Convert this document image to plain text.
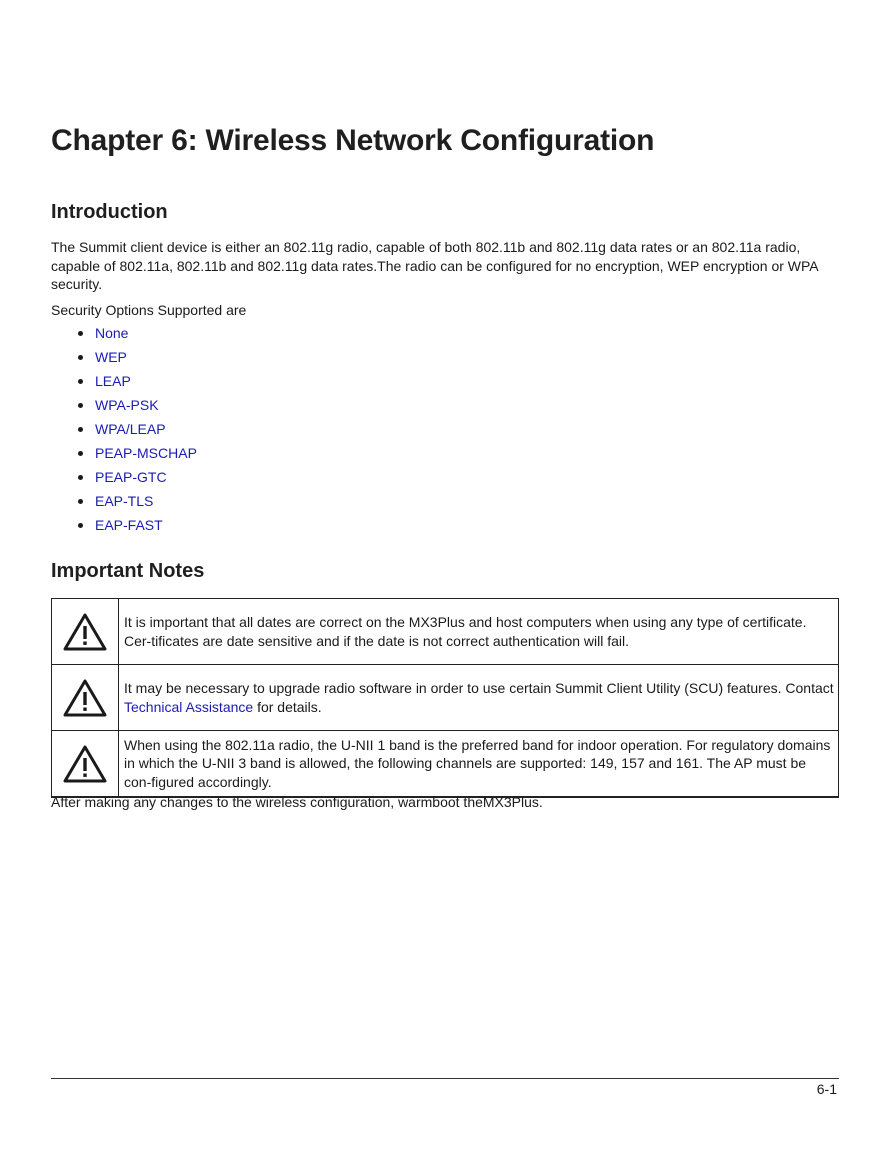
Chapter 6: Wireless Network Configuration
Introduction

The Summit client device is either an 802.11g radio, capable of both 802.11b and 802.11g data rates or an 802.11a radio, capable of 802.11a, 802.11b and 802.11g data rates.The radio can be configured for no encryption, WEP encryption or WPA security.

Security Options Supported are

None
WEP
LEAP
WPA-PSK
WPA/LEAP
PEAP-MSCHAP
PEAP-GTC
EAP-TLS
EAP-FAST
Important Notes
	It is important that all dates are correct on the MX3Plus and host computers when using any type of certificate. Cer-tificates are date sensitive and if the date is not correct authentication will fail.

	It may be necessary to upgrade radio software in order to use certain Summit Client Utility (SCU) features. Contact Technical Assistance for details.

	When using the 802.11a radio, the U-NII 1 band is the preferred band for indoor operation. For regulatory domains in which the U-NII 3 band is allowed, the following channels are supported: 149, 157 and 161. The AP must be con-figured accordingly.

After making any changes to the wireless configuration, warmboot theMX3Plus.

6-1
